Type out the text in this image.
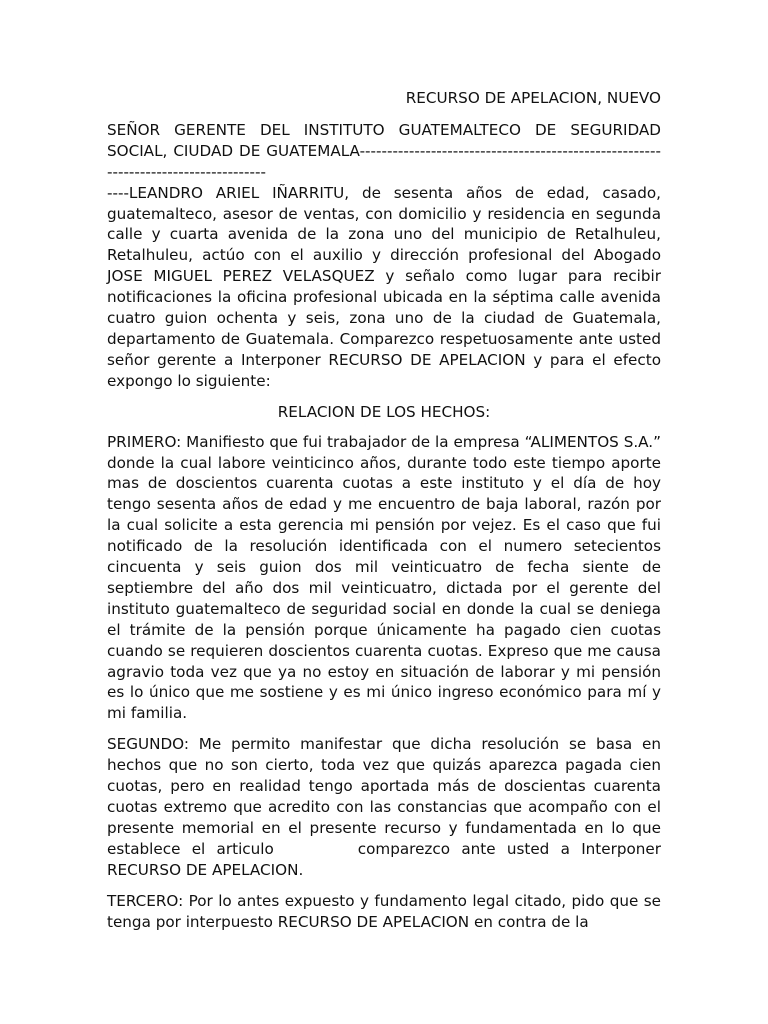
RECURSO DE APELACION, NUEVO

SEÑOR GERENTE DEL INSTITUTO GUATEMALTECO DE SEGURIDAD SOCIAL, CIUDAD DE GUATEMALA------------------------------------------------------------------------------------

----LEANDRO ARIEL IÑARRITU, de sesenta años de edad, casado, guatemalteco, asesor de ventas, con domicilio y residencia en segunda calle y cuarta avenida de la zona uno del municipio de Retalhuleu, Retalhuleu, actúo con el auxilio y dirección profesional del Abogado JOSE MIGUEL PEREZ VELASQUEZ y señalo como lugar para recibir notificaciones la oficina profesional ubicada en la séptima calle avenida cuatro guion ochenta y seis, zona uno de la ciudad de Guatemala, departamento de Guatemala. Comparezco respetuosamente ante usted señor gerente a Interponer RECURSO DE APELACION y para el efecto expongo lo siguiente:

RELACION DE LOS HECHOS:

PRIMERO: Manifiesto que fui trabajador de la empresa “ALIMENTOS S.A.” donde la cual labore veinticinco años, durante todo este tiempo aporte mas de doscientos cuarenta cuotas a este instituto y el día de hoy tengo sesenta años de edad y me encuentro de baja laboral, razón por la cual solicite a esta gerencia mi pensión por vejez. Es el caso que fui notificado de la resolución identificada con el numero setecientos cincuenta y seis guion dos mil veinticuatro de fecha siente de septiembre del año dos mil veinticuatro, dictada por el gerente del instituto guatemalteco de seguridad social en donde la cual se deniega el trámite de la pensión porque únicamente ha pagado cien cuotas cuando se requieren doscientos cuarenta cuotas. Expreso que me causa agravio toda vez que ya no estoy en situación de laborar y mi pensión es lo único que me sostiene y es mi único ingreso económico para mí y mi familia.

SEGUNDO: Me permito manifestar que dicha resolución se basa en hechos que no son cierto, toda vez que quizás aparezca pagada cien cuotas, pero en realidad tengo aportada más de doscientas cuarenta cuotas extremo que acredito con las constancias que acompaño con el presente memorial en el presente recurso y fundamentada en lo que establece el articulo	comparezco ante usted a Interponer RECURSO DE APELACION.

TERCERO: Por lo antes expuesto y fundamento legal citado, pido que se tenga por interpuesto RECURSO DE APELACION en contra de la
